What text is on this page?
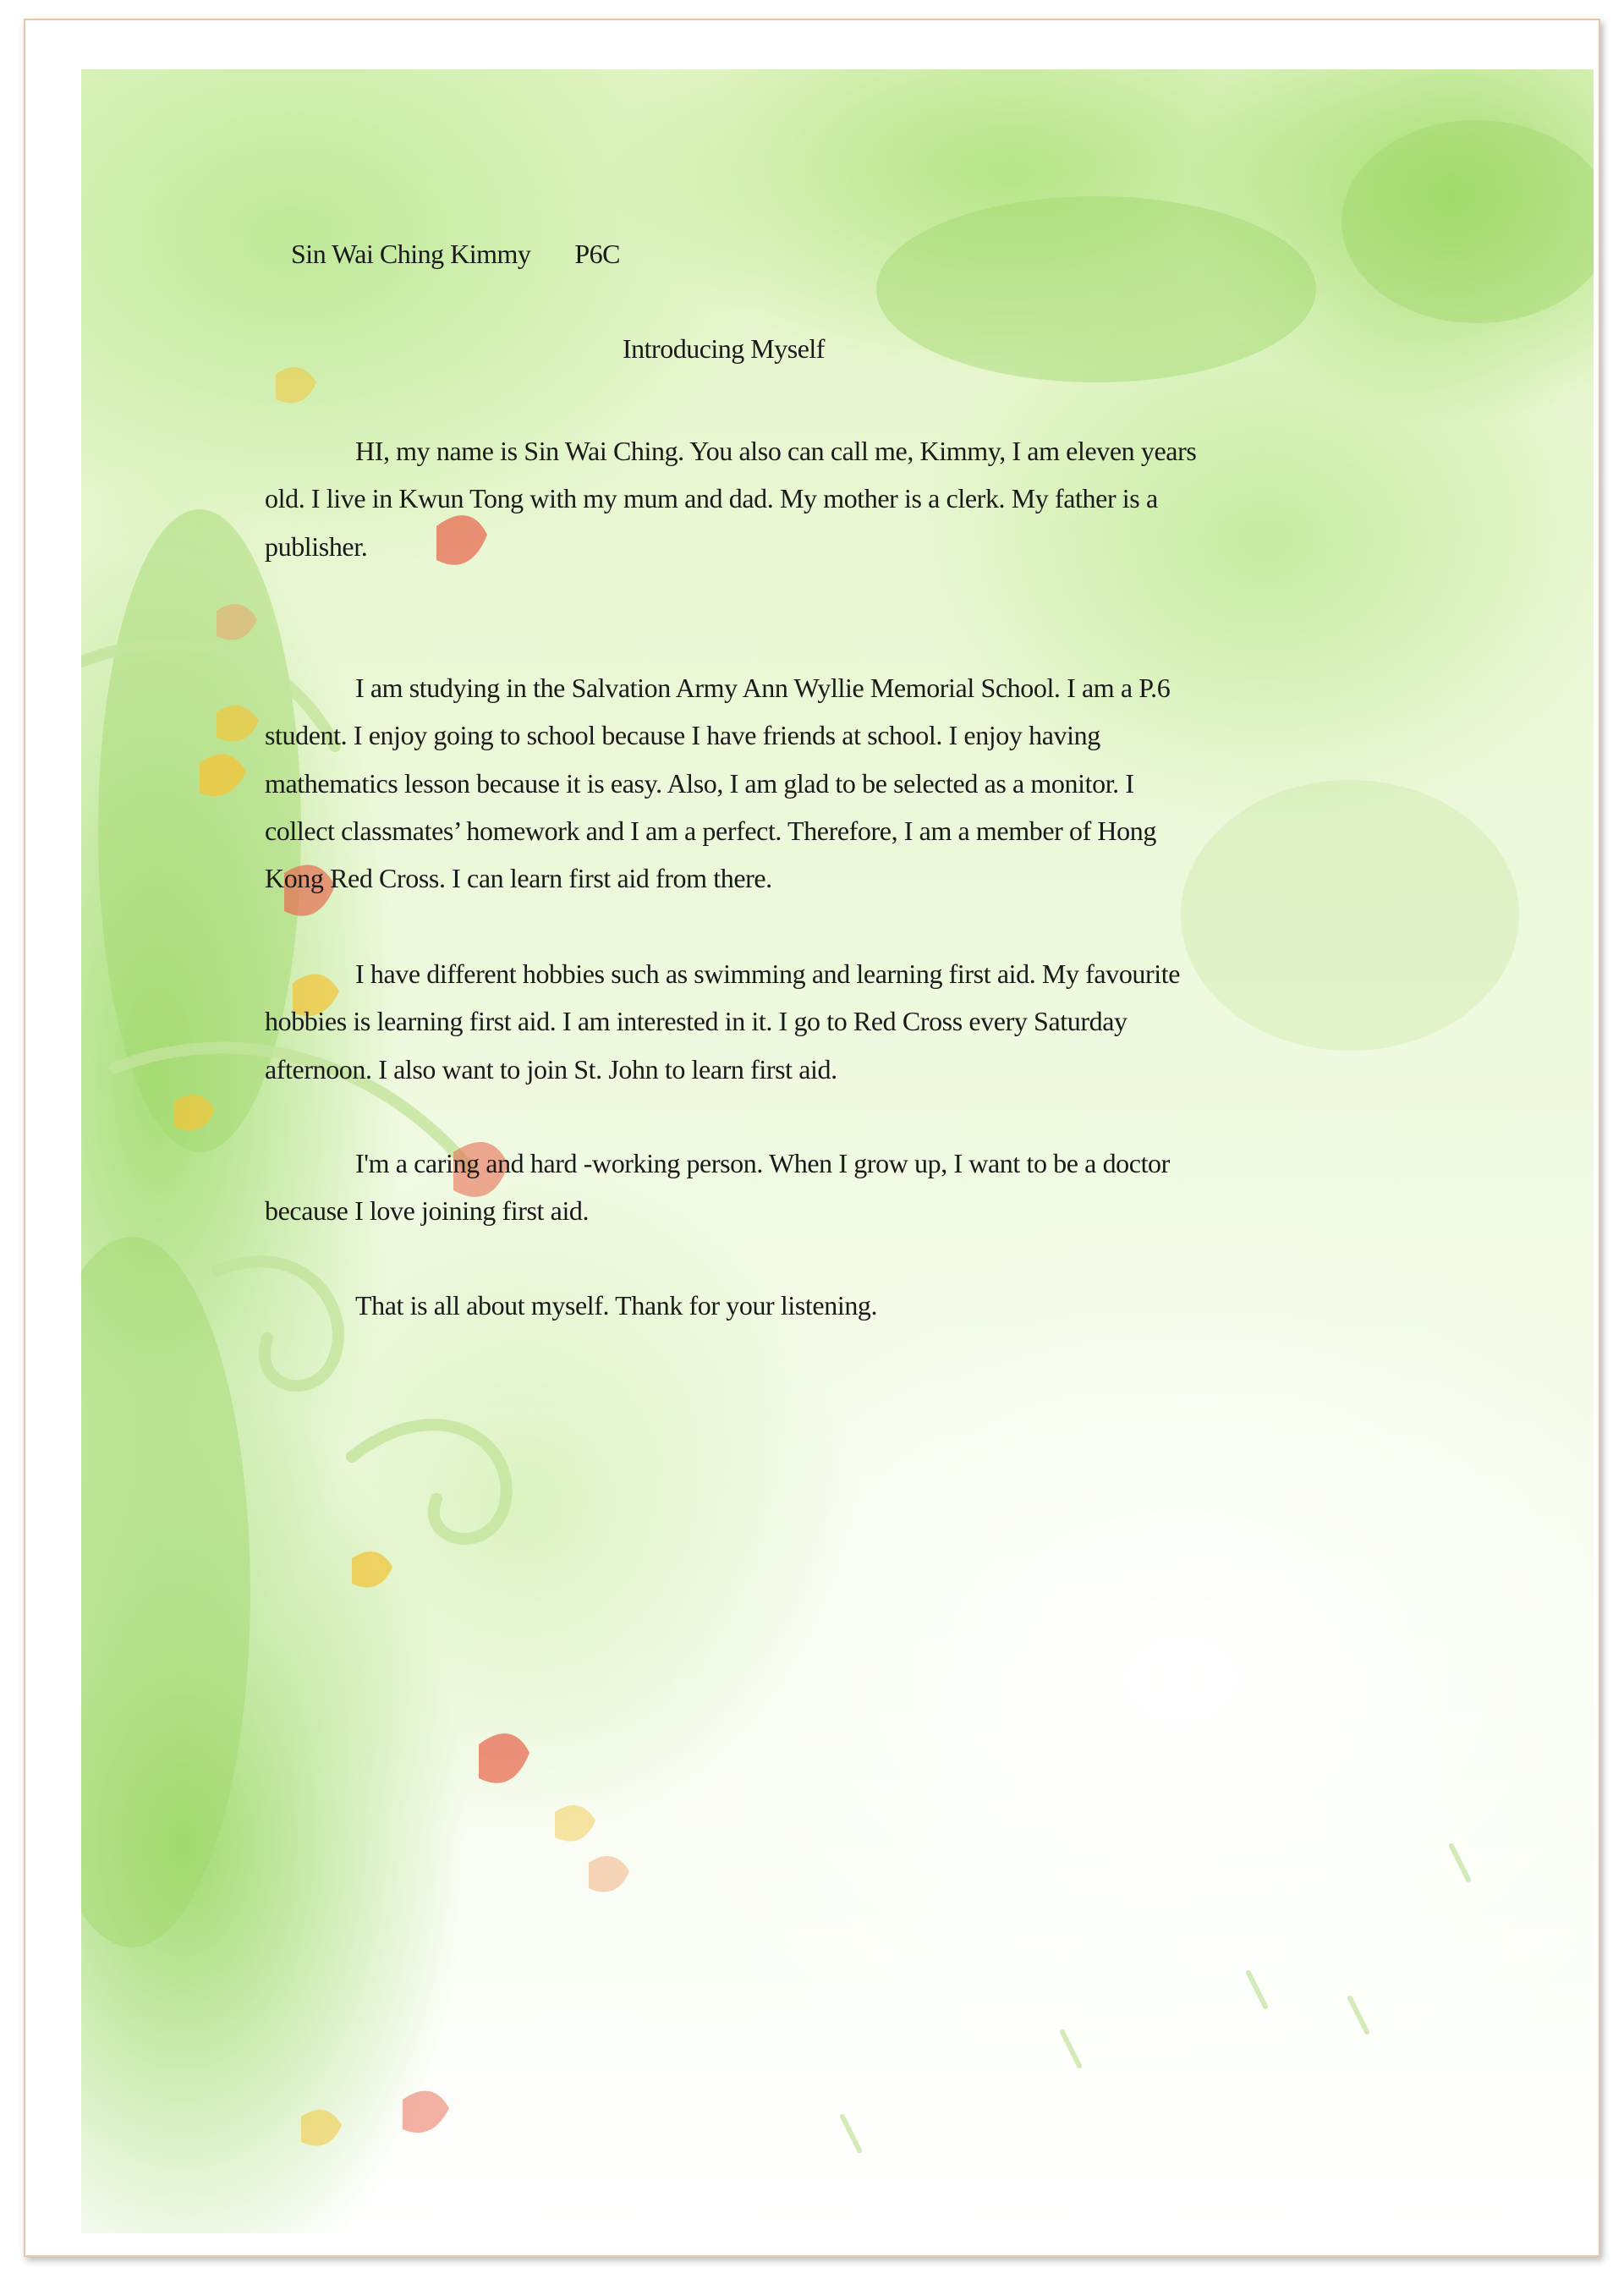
Sin Wai Ching Kimmy P6C
Introducing Myself
HI, my name is Sin Wai Ching. You also can call me, Kimmy, I am eleven years
old. I live in Kwun Tong with my mum and dad. My mother is a clerk. My father is a
publisher.
I am studying in the Salvation Army Ann Wyllie Memorial School. I am a P.6
student. I enjoy going to school because I have friends at school. I enjoy having
mathematics lesson because it is easy. Also, I am glad to be selected as a monitor. I
collect classmates’ homework and I am a perfect. Therefore, I am a member of Hong
Kong Red Cross. I can learn first aid from there.
I have different hobbies such as swimming and learning first aid. My favourite
hobbies is learning first aid. I am interested in it. I go to Red Cross every Saturday
afternoon. I also want to join St. John to learn first aid.
I'm a caring and hard -working person. When I grow up, I want to be a doctor
because I love joining first aid.
That is all about myself. Thank for your listening.
